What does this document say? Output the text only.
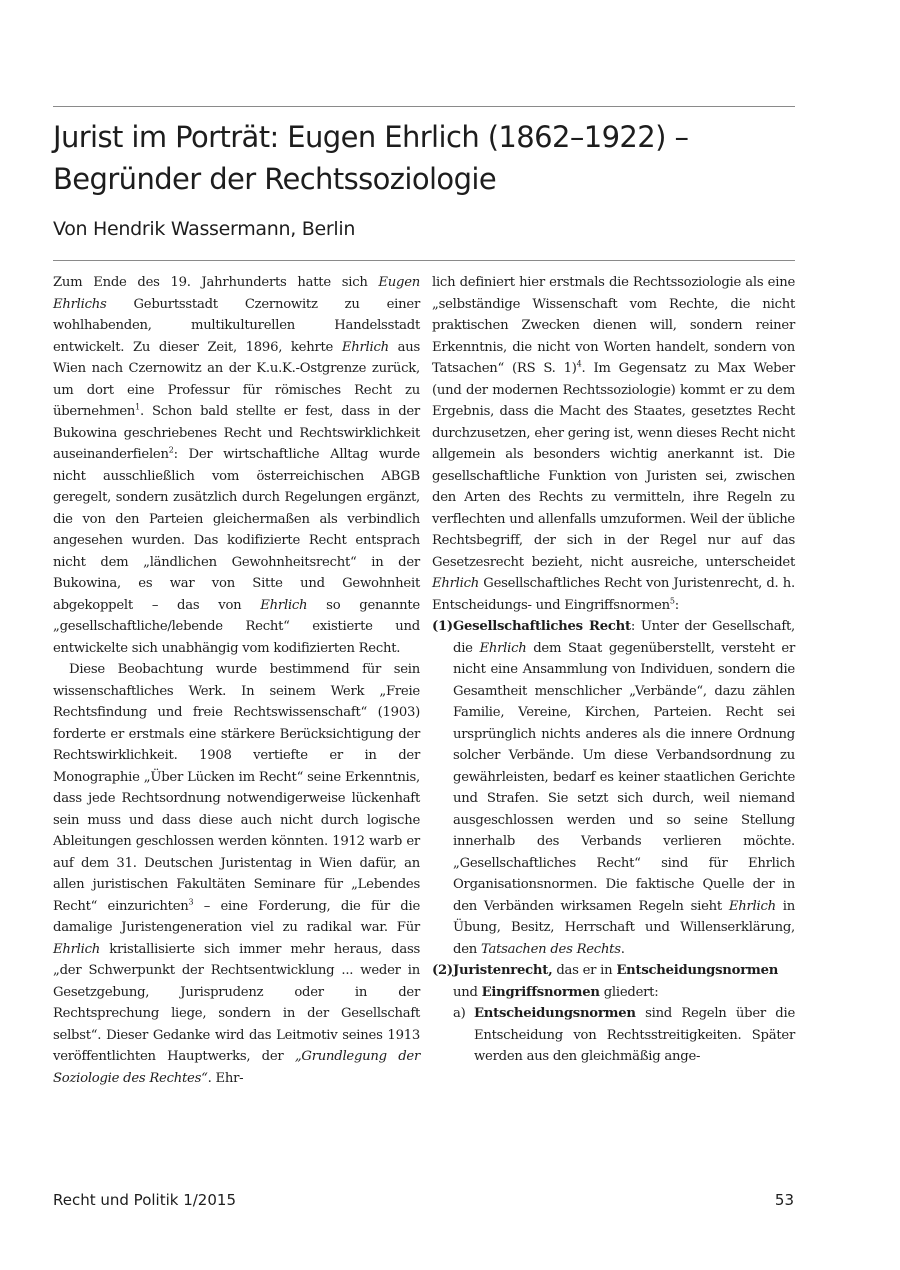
Jurist im Porträt: Eugen Ehrlich (1862–1922) –
Begründer der Rechtssoziologie

Von Hendrik Wassermann, Berlin

Zum Ende des 19. Jahrhunderts hatte sich Eugen Ehrlichs Geburtsstadt Czernowitz zu einer wohlhabenden, multikulturellen Handelsstadt entwickelt. Zu dieser Zeit, 1896, kehrte Ehrlich aus Wien nach Czernowitz an der K.u.K.-Ostgrenze zurück, um dort eine Professur für römisches Recht zu übernehmen$^1$. Schon bald stellte er fest, dass in der Bukowina geschriebenes Recht und Rechtswirklichkeit auseinanderfielen$^2$: Der wirtschaftliche Alltag wurde nicht ausschließlich vom österreichischen ABGB geregelt, sondern zusätzlich durch Regelungen ergänzt, die von den Parteien gleichermaßen als verbindlich angesehen wurden. Das kodifizierte Recht entsprach nicht dem „ländlichen Gewohnheitsrecht“ in der Bukowina, es war von Sitte und Gewohnheit abgekoppelt – das von Ehrlich so genannte „gesellschaftliche/lebende Recht“ existierte und entwickelte sich unabhängig vom kodifizierten Recht.

Diese Beobachtung wurde bestimmend für sein wissenschaftliches Werk. In seinem Werk „Freie Rechtsfindung und freie Rechtswissenschaft“ (1903) forderte er erstmals eine stärkere Berücksichtigung der Rechtswirklichkeit. 1908 vertiefte er in der Monographie „Über Lücken im Recht“ seine Erkenntnis, dass jede Rechtsordnung notwendigerweise lückenhaft sein muss und dass diese auch nicht durch logische Ableitungen geschlossen werden könnten. 1912 warb er auf dem 31. Deutschen Juristentag in Wien dafür, an allen juristischen Fakultäten Seminare für „Lebendes Recht“ einzurichten$^3$ – eine Forderung, die für die damalige Juristengeneration viel zu radikal war. Für Ehrlich kristallisierte sich immer mehr heraus, dass „der Schwerpunkt der Rechtsentwicklung ... weder in Gesetzgebung, Jurisprudenz oder in der Rechtsprechung liege, sondern in der Gesellschaft selbst“. Dieser Gedanke wird das Leitmotiv seines 1913 veröffentlichten Hauptwerks, der „Grundlegung der Soziologie des Rechtes“. Ehr-

lich definiert hier erstmals die Rechtssoziologie als eine „selbständige Wissenschaft vom Rechte, die nicht praktischen Zwecken dienen will, sondern reiner Erkenntnis, die nicht von Worten handelt, sondern von Tatsachen“ (RS S. 1)$^4$. Im Gegensatz zu Max Weber (und der modernen Rechtssoziologie) kommt er zu dem Ergebnis, dass die Macht des Staates, gesetztes Recht durchzusetzen, eher gering ist, wenn dieses Recht nicht allgemein als besonders wichtig anerkannt ist. Die gesellschaftliche Funktion von Juristen sei, zwischen den Arten des Rechts zu vermitteln, ihre Regeln zu verflechten und allenfalls umzuformen. Weil der übliche Rechtsbegriff, der sich in der Regel nur auf das Gesetzesrecht bezieht, nicht ausreiche, unterscheidet Ehrlich Gesellschaftliches Recht von Juristenrecht, d. h. Entscheidungs- und Eingriffsnormen$^5$:

(1) Gesellschaftliches Recht: Unter der Gesellschaft, die Ehrlich dem Staat gegenüberstellt, versteht er nicht eine Ansammlung von Individuen, sondern die Gesamtheit menschlicher „Verbände“, dazu zählen Familie, Vereine, Kirchen, Parteien. Recht sei ursprünglich nichts anderes als die innere Ordnung solcher Verbände. Um diese Verbandsordnung zu gewährleisten, bedarf es keiner staatlichen Gerichte und Strafen. Sie setzt sich durch, weil niemand ausgeschlossen werden und so seine Stellung innerhalb des Verbands verlieren möchte. „Gesellschaftliches Recht“ sind für Ehrlich Organisationsnormen. Die faktische Quelle der in den Verbänden wirksamen Regeln sieht Ehrlich in Übung, Besitz, Herrschaft und Willenserklärung, den Tatsachen des Rechts.
(2) Juristenrecht, das er in Entscheidungsnormen und Eingriffsnormen gliedert:
a) Entscheidungsnormen sind Regeln über die Entscheidung von Rechtsstreitigkeiten. Später werden aus den gleichmäßig ange-
Recht und Politik 1/2015	53
